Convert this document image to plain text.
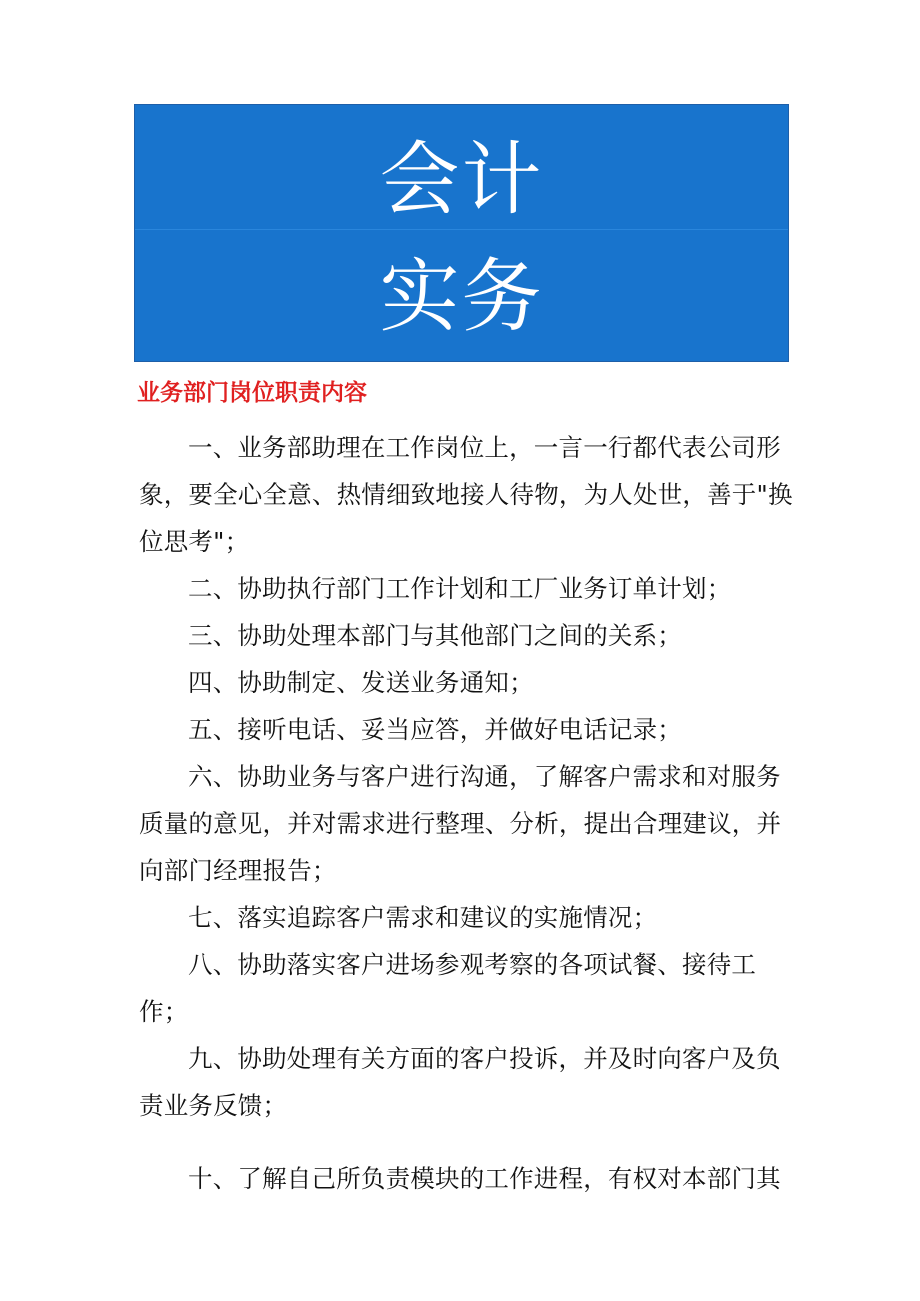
会计
实务
业务部门岗位职责内容

一、业务部助理在工作岗位上，一言一行都代表公司形象，要全心全意、热情细致地接人待物，为人处世，善于"换位思考"；

二、协助执行部门工作计划和工厂业务订单计划；

三、协助处理本部门与其他部门之间的关系；

四、协助制定、发送业务通知；

五、接听电话、妥当应答，并做好电话记录；

六、协助业务与客户进行沟通，了解客户需求和对服务质量的意见，并对需求进行整理、分析，提出合理建议，并向部门经理报告；

七、落实追踪客户需求和建议的实施情况；

八、协助落实客户进场参观考察的各项试餐、接待工作；

九、协助处理有关方面的客户投诉，并及时向客户及负责业务反馈；

十、了解自己所负责模块的工作进程，有权对本部门其
